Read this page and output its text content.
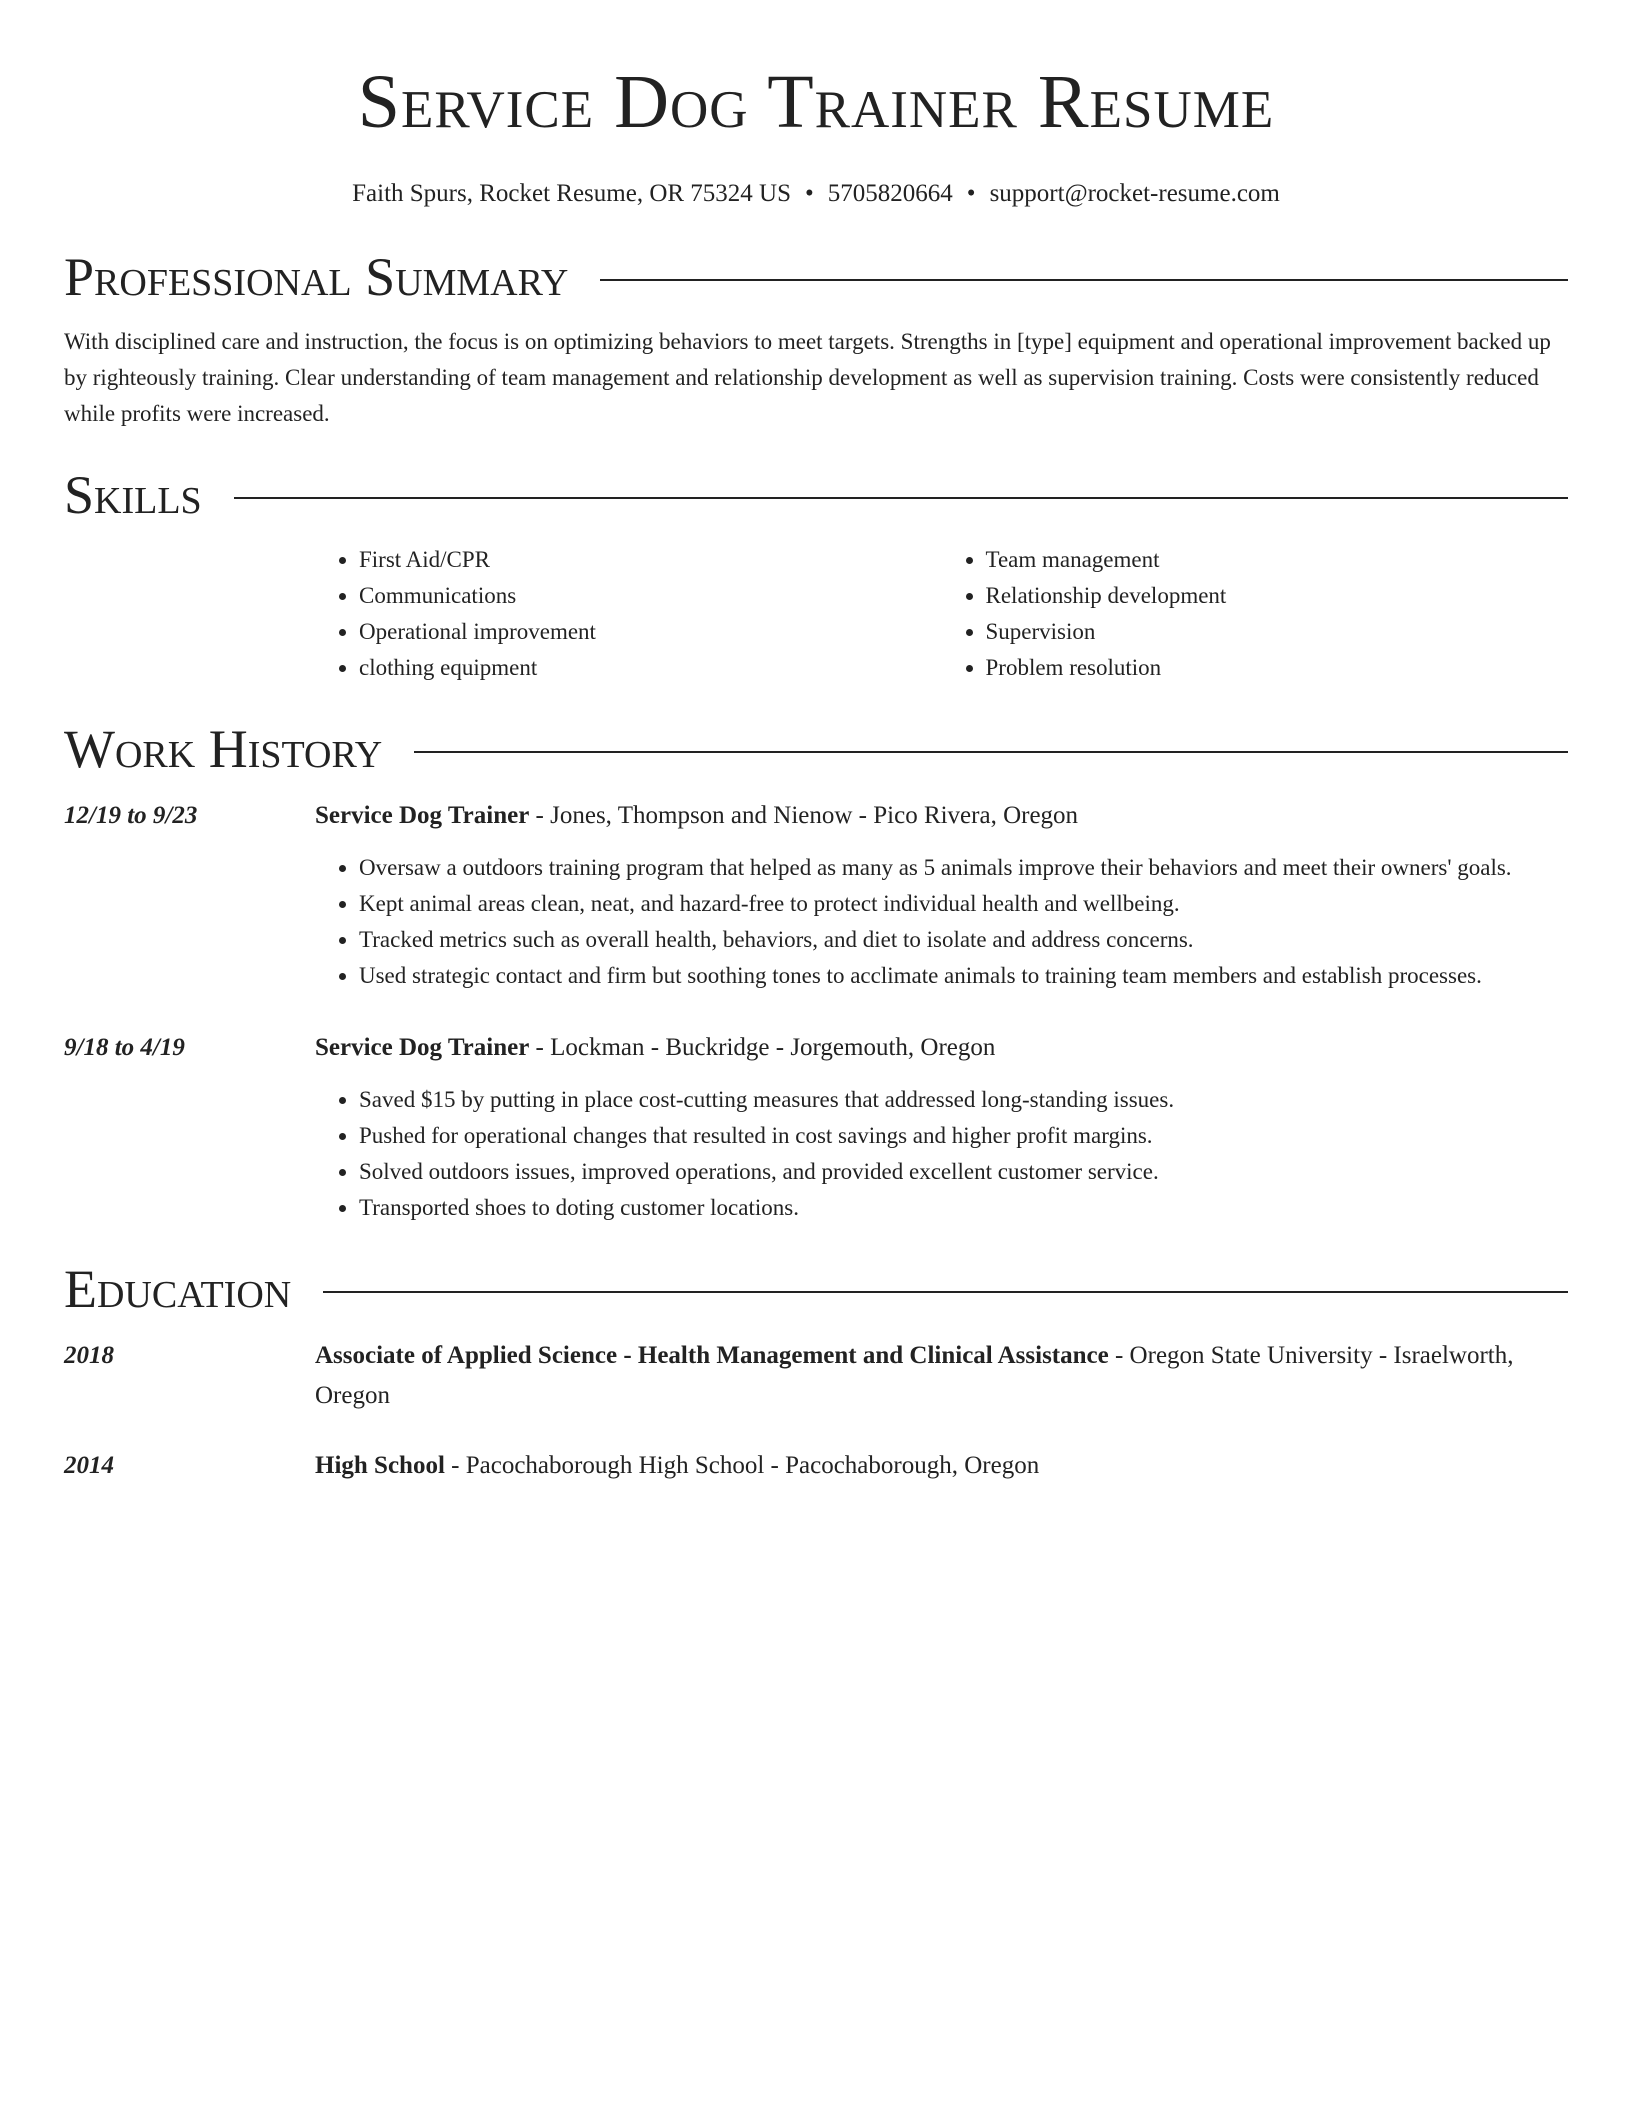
Service Dog Trainer Resume
Faith Spurs, Rocket Resume, OR 75324 US • 5705820664 • support@rocket-resume.com
Professional Summary

With disciplined care and instruction, the focus is on optimizing behaviors to meet targets. Strengths in [type] equipment and operational improvement backed up by righteously training. Clear understanding of team management and relationship development as well as supervision training. Costs were consistently reduced while profits were increased.

Skills
• First Aid/CPR
• Communications
• Operational improvement
• clothing equipment
• Team management
• Relationship development
• Supervision
• Problem resolution
Work History
12/19 to 9/23	Service Dog Trainer - Jones, Thompson and Nienow - Pico Rivera, Oregon
• Oversaw a outdoors training program that helped as many as 5 animals improve their behaviors and meet their owners' goals.
• Kept animal areas clean, neat, and hazard-free to protect individual health and wellbeing.
• Tracked metrics such as overall health, behaviors, and diet to isolate and address concerns.
• Used strategic contact and firm but soothing tones to acclimate animals to training team members and establish processes.
9/18 to 4/19	Service Dog Trainer - Lockman - Buckridge - Jorgemouth, Oregon
• Saved $15 by putting in place cost-cutting measures that addressed long-standing issues.
• Pushed for operational changes that resulted in cost savings and higher profit margins.
• Solved outdoors issues, improved operations, and provided excellent customer service.
• Transported shoes to doting customer locations.
Education
2018	Associate of Applied Science - Health Management and Clinical Assistance - Oregon State University - Israelworth, Oregon
2014	High School - Pacochaborough High School - Pacochaborough, Oregon
